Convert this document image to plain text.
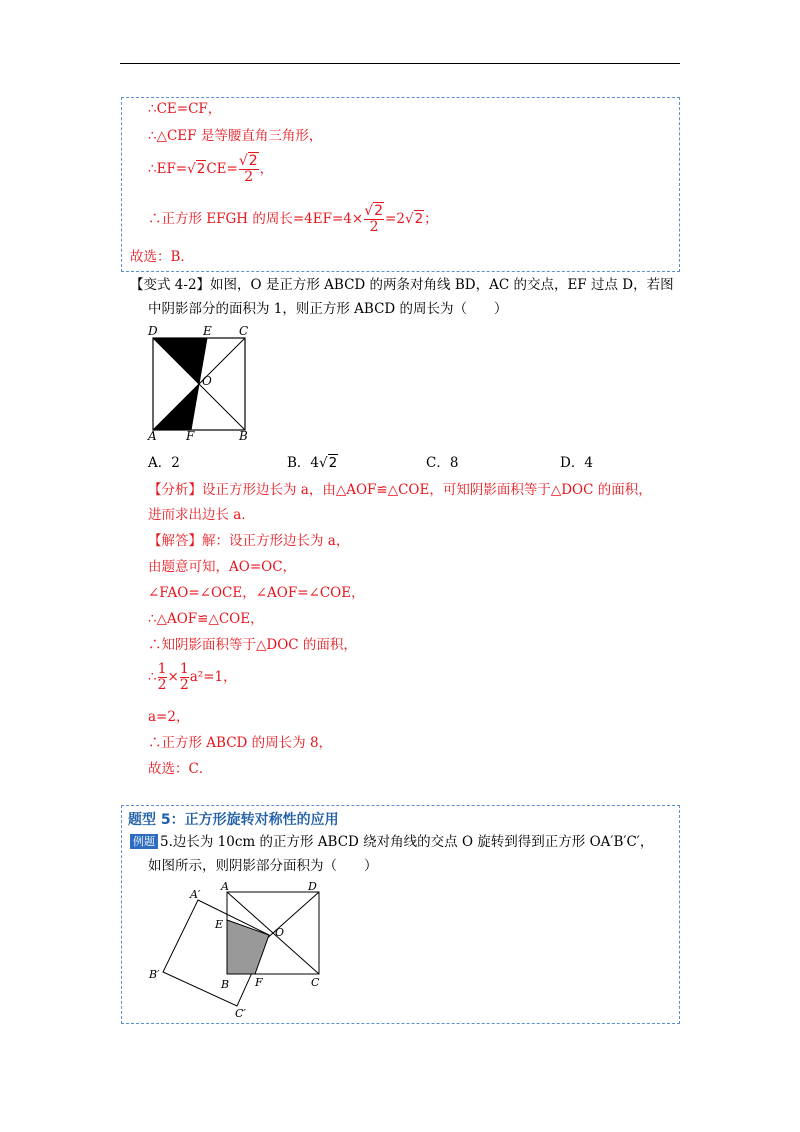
∴CE=CF，
∴△CEF 是等腰直角三角形，
∴EF=√2CE= $\frac{√2}{2}$ ，
∴正方形 EFGH 的周长$=4EF=4\times \frac{√2}{2} =2√2$；
故选：B．
【变式 4-2】如图，O 是正方形 ABCD 的两条对角线 BD，AC 的交点，EF 过点 D，若图
中阴影部分的面积为 1，则正方形 ABCD 的周长为（　　）
D	E C
O
A F	B
A．2	B．4√2	C．8	D．4
【分析】设正方形边长为 a，由△AOF≌△COE，可知阴影面积等于△DOC 的面积，
进而求出边长 a．
【解答】解：设正方形边长为 a，
由题意可知，AO=OC，
∠FAO=∠OCE，∠AOF=∠COE，
∴△AOF≌△COE，
∴知阴影面积等于△DOC 的面积，
∴ $\frac{1}{2} \times \frac{1}{2} a^2=1$，
a=2，
∴正方形 ABCD 的周长为 8，
故选：C．
题型 5：正方形旋转对称性的应用
例题 5.边长为 10cm 的正方形 ABCD 绕对角线的交点 O 旋转到得到正方形 OA′B′C′，
如图所示，则阴影部分面积为（　　）
A′
A	D
E
O
B′
B F	C
C′
